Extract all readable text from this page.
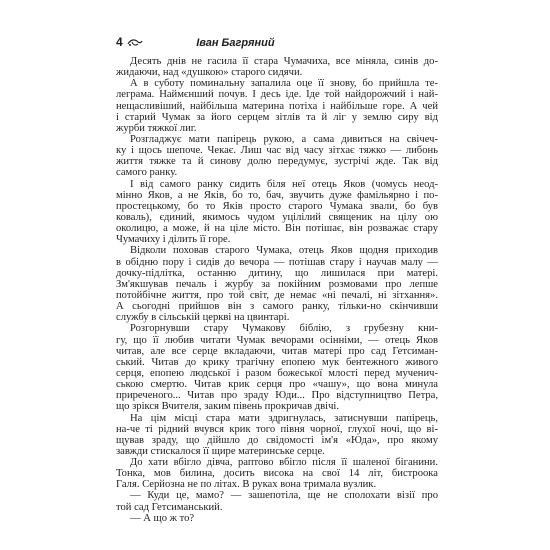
4	Іван Багряний
Десять днів не гасила її стара Чумачиха, все міняла, синів до-
жидаючи, над «душкою» старого сидячи.
А в суботу поминальну запалила оце її знову, бо прийшла те-
леграма. Наймєнший почув. І десь іде. Іде той найдорожчий і най-
нещасливіший, найбільша материна потіха і найбільше горе. А чей
і старий Чумак за його серцем зітлів та й ліг у землю сиру від
журби тяжкої лиг.
Розгладжує мати папірець рукою, а сама дивиться на свічеч-
ку і щось шепоче. Чекає. Лиш час від часу зітхає тяжко — либонь
життя тяжке та й синову долю передумує, зустрічі жде. Так від
самого ранку.
І від самого ранку сидить біля неї отець Яков (чомусь неод-
мінно Яков, а не Яків, бо то, бач, звучить дуже фамільярно і по-
простецькому, бо то Яків просто старого Чумака звали, бо був
коваль), єдиний, якимось чудом уцілілий священик на цілу ою
околицю, а може, й на ціле місто. Він потішає, він розважає стару
Чумачиху і ділить її горе.
Відколи поховав старого Чумака, отець Яков щодня приходив
в обідню пору і сидів до вечора — потішав стару і научав малу —
дочку-підлітка, останню дитину, що лишилася при матері.
Зм'якшував печаль і журбу за покійним розмовами про лепше
потойбічне життя, про той світ, де немає «ні печалі, ні зітхання».
А сьогодні прийшов він з самого ранку, тільки-но скінчивши
службу в сільській церкві на цвинтарі.
Розгорнувши стару Чумакову біблію, з грубезну кни-
гу, що її любив читати Чумак вечорами осінніми, — отець Яков
читав, але все серце вкладаючи, читав матері про сад Гетсиман-
ський. Читав до крику трагічну епопею мук бентежного живого
серця, епопею людської і разом божеської млості перед мученич-
ською смертю. Читав крик серця про «чашу», що вона минула
приреченого... Читав про зраду Юди... Про відступництво Петра,
що зрікся Вчителя, заким півень прокричав двічі.
На цім місці стара мати здригнулась, затиснувши папірець,
на-че ті рідний вчувся крик того півня чорної, глухої ночі, що ві-
щував зраду, що дійшло до свідомості ім'я «Юда», про якому
завжди стискалося її щире материнське серце.
До хати вбігло дівча, раптово вбігло після її шаленої біганини.
Тонка, мов билина, досить висока на свої 14 літ, бистроока
Галя. Серйозна не по літах. В руках вона тримала вузлик.
— Куди це, мамо? — зашепотіла, ще не сполохати візії про
той сад Гетсиманський.
— А що ж то?
